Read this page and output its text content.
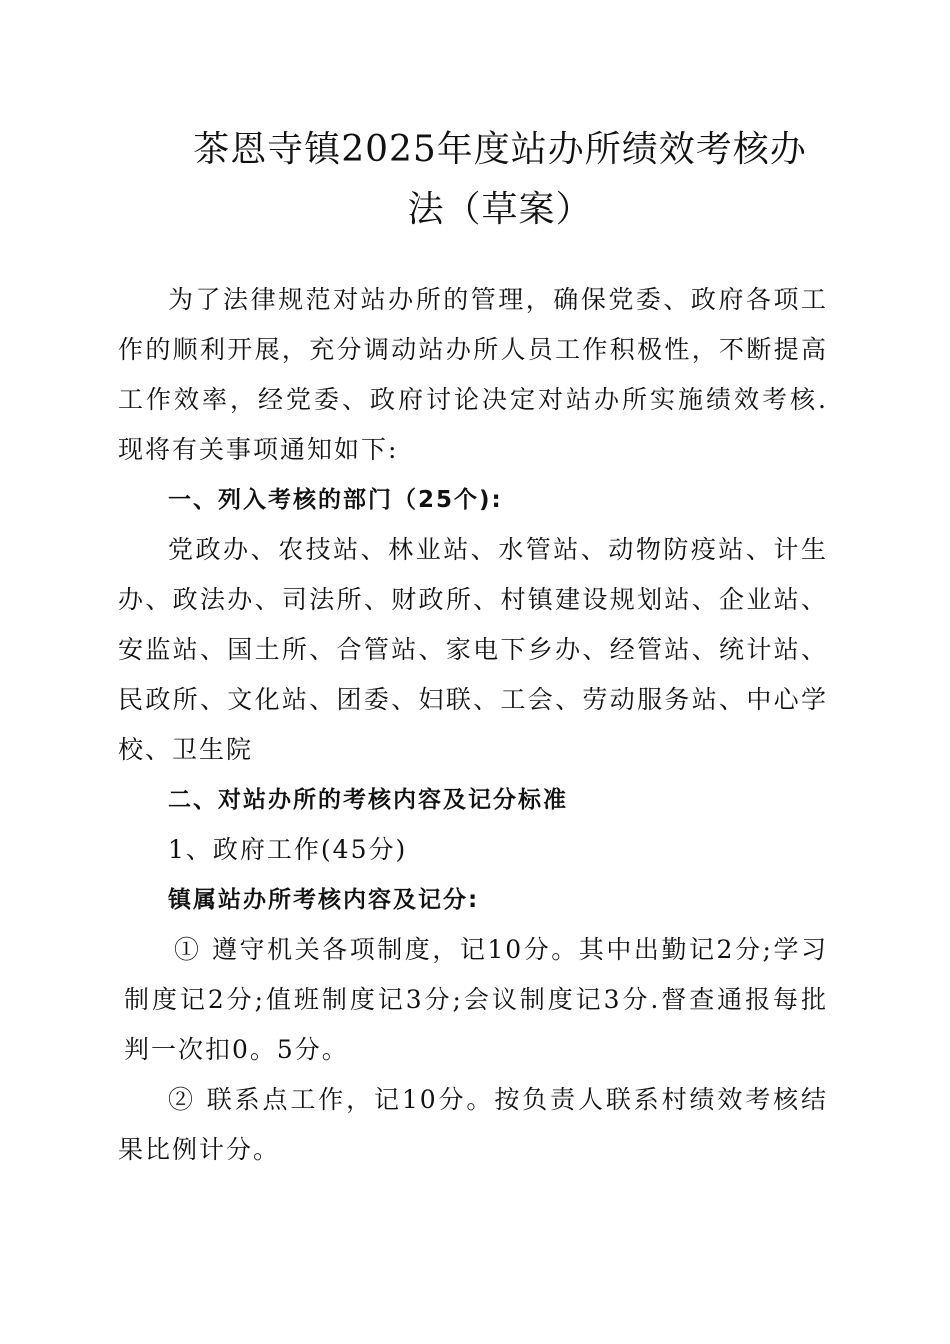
茶恩寺镇2025年度站办所绩效考核办
法（草案）

为了法律规范对站办所的管理，确保党委、政府各项工作的顺利开展，充分调动站办所人员工作积极性，不断提高工作效率，经党委、政府讨论决定对站办所实施绩效考核.现将有关事项通知如下:

一、列入考核的部门（25个):

党政办、农技站、林业站、水管站、动物防疫站、计生办、政法办、司法所、财政所、村镇建设规划站、企业站、安监站、国土所、合管站、家电下乡办、经管站、统计站、民政所、文化站、团委、妇联、工会、劳动服务站、中心学校、卫生院

二、对站办所的考核内容及记分标准

1、政府工作(45分)

镇属站办所考核内容及记分:

① 遵守机关各项制度，记10分。其中出勤记2分;学习制度记2分;值班制度记3分;会议制度记3分.督查通报每批判一次扣0。5分。

② 联系点工作，记10分。按负责人联系村绩效考核结果比例计分。
